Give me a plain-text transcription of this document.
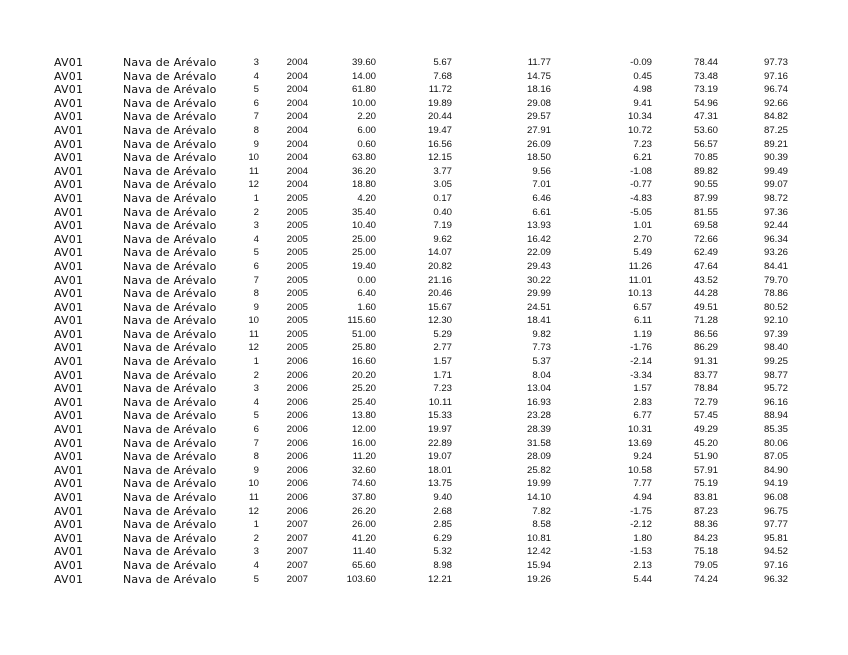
AV01	Nava de Arévalo	3	2004	39.60	5.67	11.77	-0.09	78.44	97.73
AV01	Nava de Arévalo	4	2004	14.00	7.68	14.75	0.45	73.48	97.16
AV01	Nava de Arévalo	5	2004	61.80	11.72	18.16	4.98	73.19	96.74
AV01	Nava de Arévalo	6	2004	10.00	19.89	29.08	9.41	54.96	92.66
AV01	Nava de Arévalo	7	2004	2.20	20.44	29.57	10.34	47.31	84.82
AV01	Nava de Arévalo	8	2004	6.00	19.47	27.91	10.72	53.60	87.25
AV01	Nava de Arévalo	9	2004	0.60	16.56	26.09	7.23	56.57	89.21
AV01	Nava de Arévalo	10	2004	63.80	12.15	18.50	6.21	70.85	90.39
AV01	Nava de Arévalo	11	2004	36.20	3.77	9.56	-1.08	89.82	99.49
AV01	Nava de Arévalo	12	2004	18.80	3.05	7.01	-0.77	90.55	99.07
AV01	Nava de Arévalo	1	2005	4.20	0.17	6.46	-4.83	87.99	98.72
AV01	Nava de Arévalo	2	2005	35.40	0.40	6.61	-5.05	81.55	97.36
AV01	Nava de Arévalo	3	2005	10.40	7.19	13.93	1.01	69.58	92.44
AV01	Nava de Arévalo	4	2005	25.00	9.62	16.42	2.70	72.66	96.34
AV01	Nava de Arévalo	5	2005	25.00	14.07	22.09	5.49	62.49	93.26
AV01	Nava de Arévalo	6	2005	19.40	20.82	29.43	11.26	47.64	84.41
AV01	Nava de Arévalo	7	2005	0.00	21.16	30.22	11.01	43.52	79.70
AV01	Nava de Arévalo	8	2005	6.40	20.46	29.99	10.13	44.28	78.86
AV01	Nava de Arévalo	9	2005	1.60	15.67	24.51	6.57	49.51	80.52
AV01	Nava de Arévalo	10	2005	115.60	12.30	18.41	6.11	71.28	92.10
AV01	Nava de Arévalo	11	2005	51.00	5.29	9.82	1.19	86.56	97.39
AV01	Nava de Arévalo	12	2005	25.80	2.77	7.73	-1.76	86.29	98.40
AV01	Nava de Arévalo	1	2006	16.60	1.57	5.37	-2.14	91.31	99.25
AV01	Nava de Arévalo	2	2006	20.20	1.71	8.04	-3.34	83.77	98.77
AV01	Nava de Arévalo	3	2006	25.20	7.23	13.04	1.57	78.84	95.72
AV01	Nava de Arévalo	4	2006	25.40	10.11	16.93	2.83	72.79	96.16
AV01	Nava de Arévalo	5	2006	13.80	15.33	23.28	6.77	57.45	88.94
AV01	Nava de Arévalo	6	2006	12.00	19.97	28.39	10.31	49.29	85.35
AV01	Nava de Arévalo	7	2006	16.00	22.89	31.58	13.69	45.20	80.06
AV01	Nava de Arévalo	8	2006	11.20	19.07	28.09	9.24	51.90	87.05
AV01	Nava de Arévalo	9	2006	32.60	18.01	25.82	10.58	57.91	84.90
AV01	Nava de Arévalo	10	2006	74.60	13.75	19.99	7.77	75.19	94.19
AV01	Nava de Arévalo	11	2006	37.80	9.40	14.10	4.94	83.81	96.08
AV01	Nava de Arévalo	12	2006	26.20	2.68	7.82	-1.75	87.23	96.75
AV01	Nava de Arévalo	1	2007	26.00	2.85	8.58	-2.12	88.36	97.77
AV01	Nava de Arévalo	2	2007	41.20	6.29	10.81	1.80	84.23	95.81
AV01	Nava de Arévalo	3	2007	11.40	5.32	12.42	-1.53	75.18	94.52
AV01	Nava de Arévalo	4	2007	65.60	8.98	15.94	2.13	79.05	97.16
AV01	Nava de Arévalo	5	2007	103.60	12.21	19.26	5.44	74.24	96.32
